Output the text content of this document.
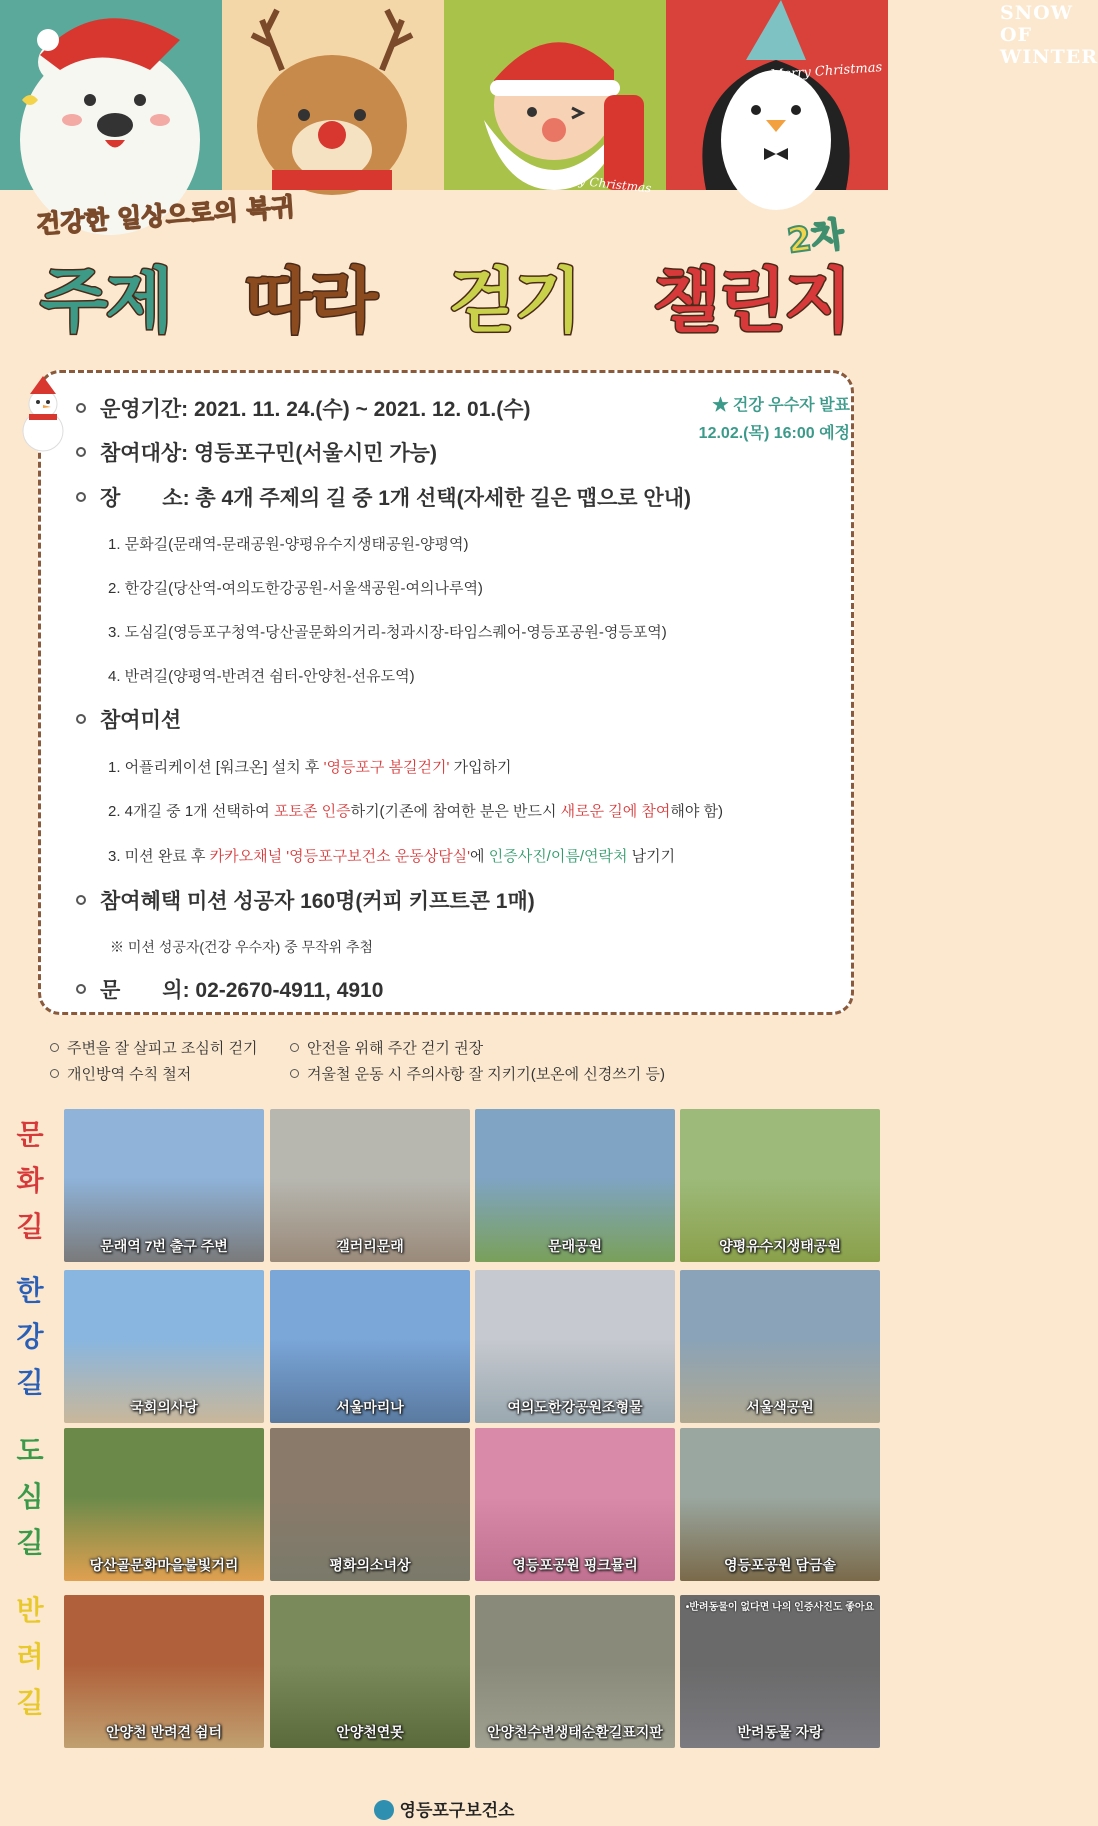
SNOW OF WINTER
Merry Christmas
Merry Christmas
건강한 일상으로의 복귀	2차
주제 따라 걷기 챌린지
★ 건강 우수자 발표
12.02.(목) 16:00 예정
운영기간: 2021. 11. 24.(수) ~ 2021. 12. 01.(수)
참여대상: 영등포구민(서울시민 가능)
장　　소: 총 4개 주제의 길 중 1개 선택(자세한 길은 맵으로 안내)
1. 문화길(문래역-문래공원-양평유수지생태공원-양평역)
2. 한강길(당산역-여의도한강공원-서울색공원-여의나루역)
3. 도심길(영등포구청역-당산골문화의거리-청과시장-타임스퀘어-영등포공원-영등포역)
4. 반려길(양평역-반려견 쉼터-안양천-선유도역)
참여미션
1. 어플리케이션 [워크온] 설치 후 '영등포구 봄길걷기' 가입하기
2. 4개길 중 1개 선택하여 포토존 인증하기(기존에 참여한 분은 반드시 새로운 길에 참여해야 함)
3. 미션 완료 후 카카오채널 '영등포구보건소 운동상담실'에 인증사진/이름/연락처 남기기
참여혜택 미션 성공자 160명(커피 키프트콘 1매)
※ 미션 성공자(건강 우수자) 중 무작위 추첨
문　　의: 02-2670-4911, 4910
주변을 잘 살피고 조심히 걷기	안전을 위해 주간 걷기 권장
개인방역 수칙 철저	겨울철 운동 시 주의사항 잘 지키기(보온에 신경쓰기 등)
문
화
길
한
강
길
도
심
길
반
려
길
문래역 7번 출구 주변	갤러리문래	문래공원	양평유수지생태공원
국회의사당	서울마리나	여의도한강공원조형물	서울색공원
당산골문화마을불빛거리	평화의소녀상	영등포공원 핑크뮬리	영등포공원 담금솥
안양천 반려견 쉼터	안양천연못	안양천수변생태순환길표지판	반려동물 자랑
•반려동물이 없다면 나의 인증사진도 좋아요
영등포구보건소
